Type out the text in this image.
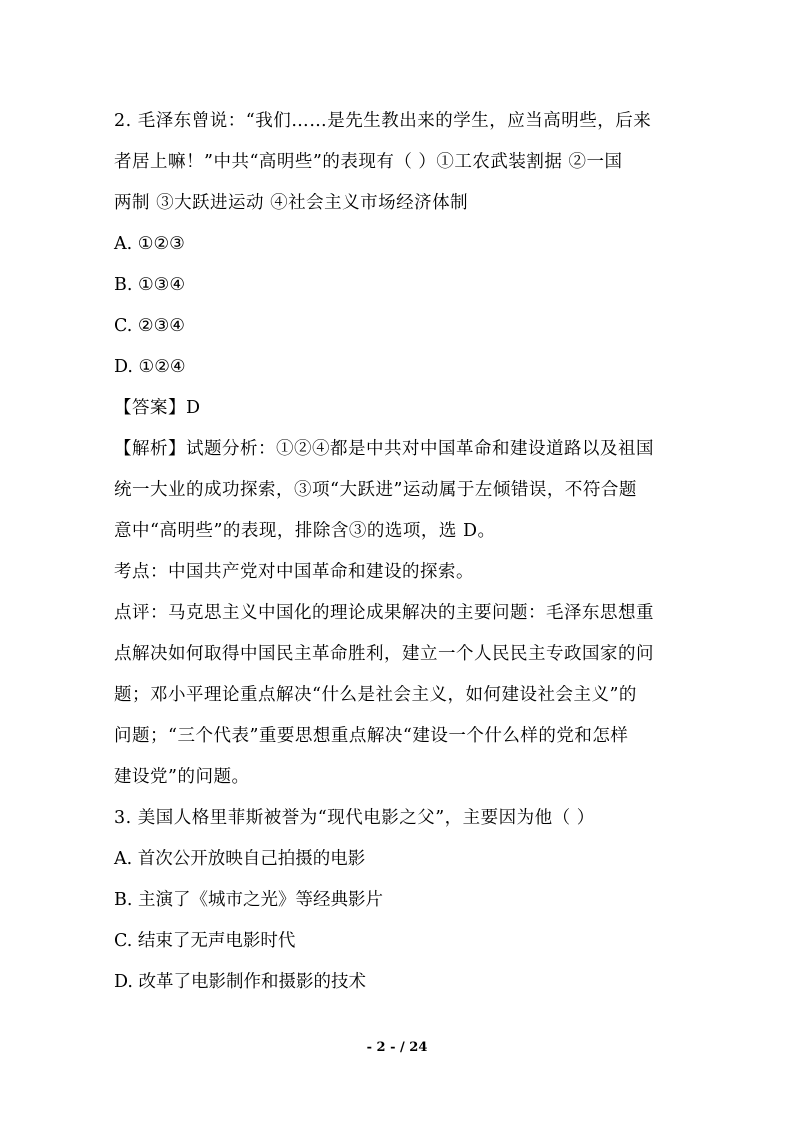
2. 毛泽东曾说：“我们……是先生教出来的学生，应当高明些，后来
者居上嘛！”中共“高明些”的表现有（ ）①工农武装割据 ②一国
两制 ③大跃进运动 ④社会主义市场经济体制
A. ①②③
B. ①③④
C. ②③④
D. ①②④
【答案】D
【解析】试题分析：①②④都是中共对中国革命和建设道路以及祖国
统一大业的成功探索，③项“大跃进”运动属于左倾错误，不符合题
意中“高明些”的表现，排除含③的选项，选 D。
考点：中国共产党对中国革命和建设的探索。
点评：马克思主义中国化的理论成果解决的主要问题：毛泽东思想重
点解决如何取得中国民主革命胜利，建立一个人民民主专政国家的问
题；邓小平理论重点解决“什么是社会主义，如何建设社会主义”的
问题；“三个代表”重要思想重点解决“建设一个什么样的党和怎样
建设党”的问题。
3. 美国人格里菲斯被誉为“现代电影之父”，主要因为他（ ）
A. 首次公开放映自己拍摄的电影
B. 主演了《城市之光》等经典影片
C. 结束了无声电影时代
D. 改革了电影制作和摄影的技术
- 2 - / 24
